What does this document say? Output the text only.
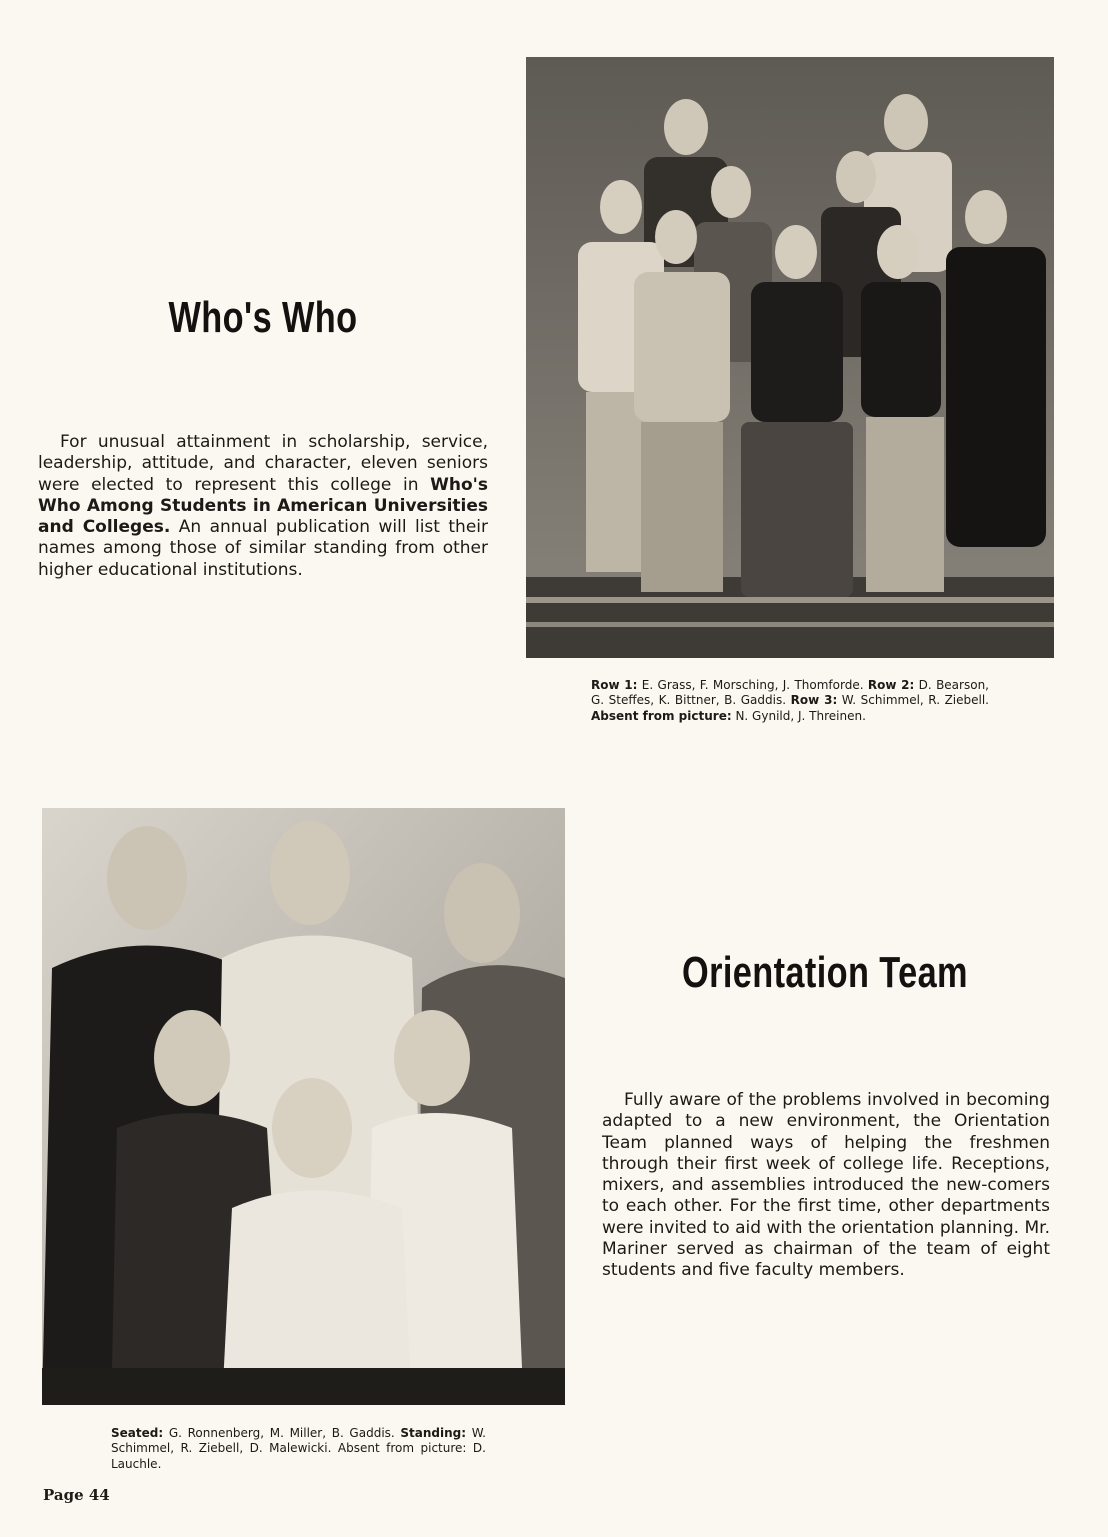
Who's Who

For unusual attainment in scholarship, service, leadership, attitude, and character, eleven seniors were elected to represent this college in Who's Who Among Students in American Universities and Colleges. An annual publication will list their names among those of similar standing from other higher educational institutions.

Row 1: E. Grass, F. Morsching, J. Thomforde. Row 2: D. Bearson, G. Steffes, K. Bittner, B. Gaddis. Row 3: W. Schimmel, R. Ziebell. Absent from picture: N. Gynild, J. Threinen.
Orientation Team

Fully aware of the problems involved in becoming adapted to a new environment, the Orientation Team planned ways of helping the freshmen through their first week of college life. Receptions, mixers, and assemblies introduced the new-comers to each other. For the first time, other departments were invited to aid with the orientation planning. Mr. Mariner served as chairman of the team of eight students and five faculty members.

Seated: G. Ronnenberg, M. Miller, B. Gaddis. Standing: W. Schimmel, R. Ziebell, D. Malewicki. Absent from picture: D. Lauchle.
Page 44
